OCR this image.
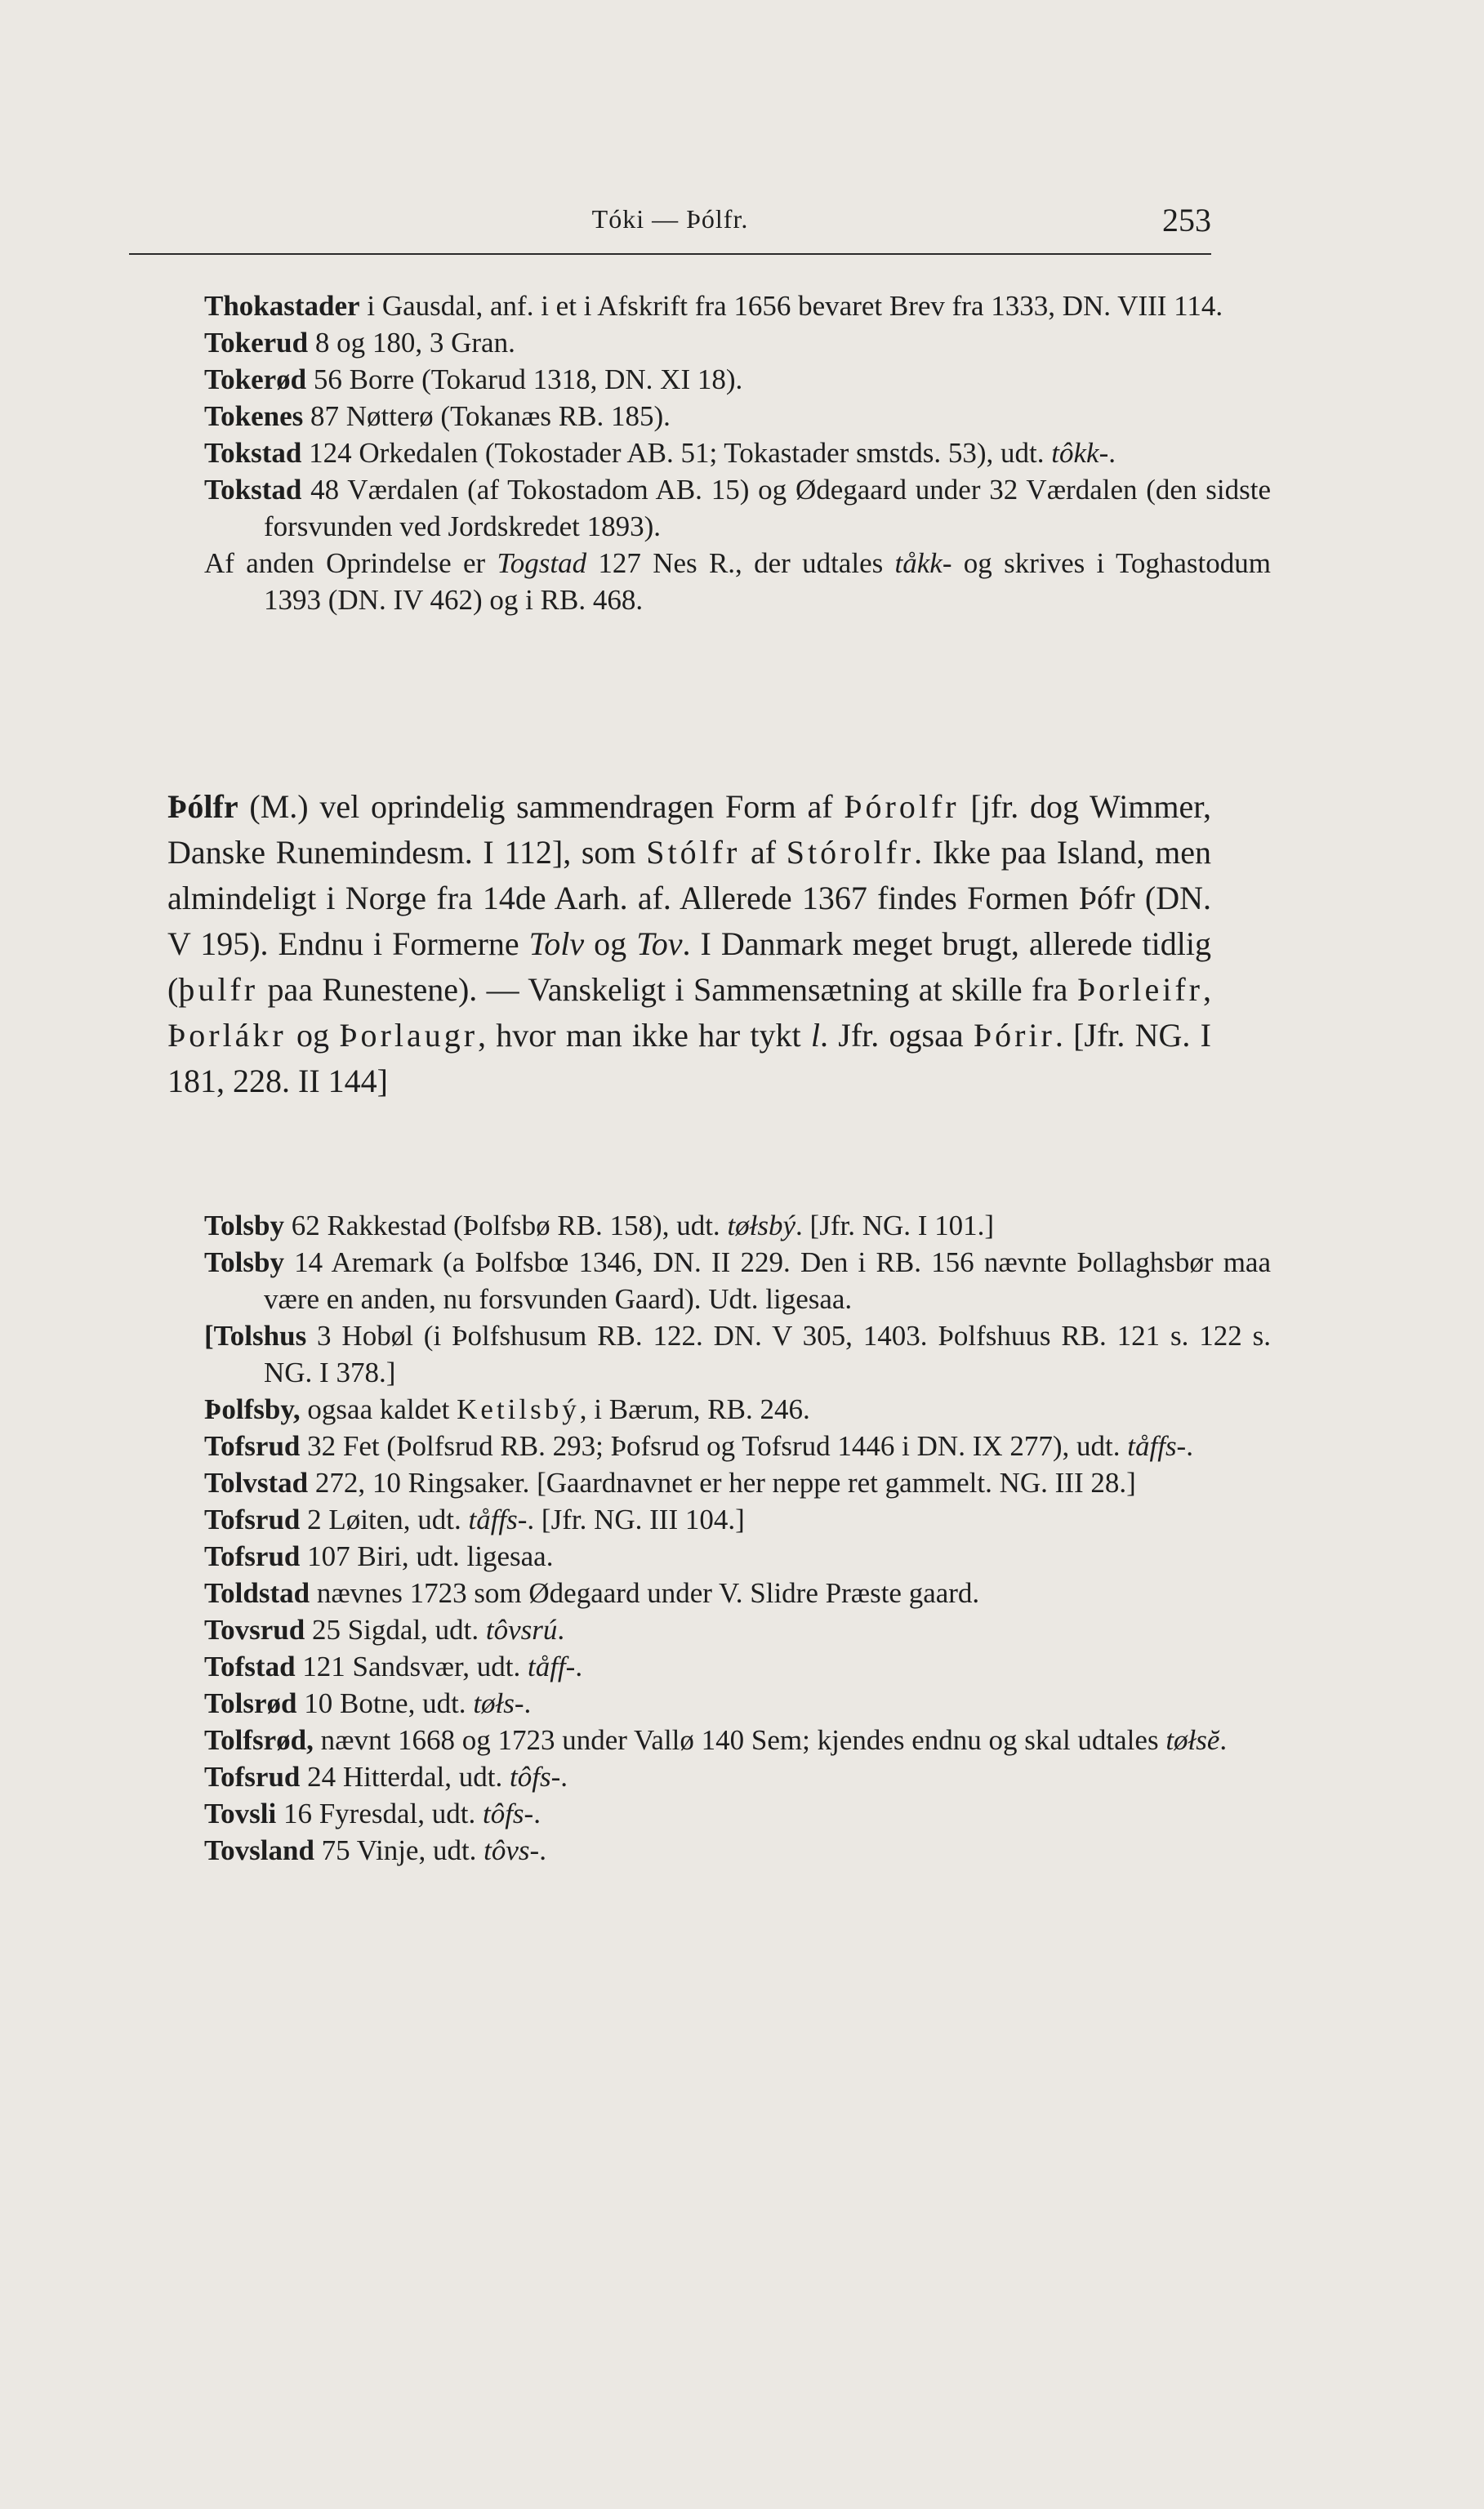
Tóki — Þólfr.	253
Thokastader i Gausdal, anf. i et i Afskrift fra 1656 bevaret Brev fra 1333, DN. VIII 114.
Tokerud 8 og 180, 3 Gran.
Tokerød 56 Borre (Tokarud 1318, DN. XI 18).
Tokenes 87 Nøtterø (Tokanæs RB. 185).
Tokstad 124 Orkedalen (Tokostader AB. 51; Tokastader smstds. 53), udt. tôkk-.
Tokstad 48 Værdalen (af Tokostadom AB. 15) og Ødegaard under 32 Værdalen (den sidste forsvunden ved Jordskredet 1893).
Af anden Oprindelse er Togstad 127 Nes R., der udtales tåkk- og skrives i Toghastodum 1393 (DN. IV 462) og i RB. 468.
Þólfr (M.) vel oprindelig sammendragen Form af Þórolfr [jfr. dog Wimmer, Danske Runemindesm. I 112], som Stólfr af Stórolfr. Ikke paa Island, men almindeligt i Norge fra 14de Aarh. af. Allerede 1367 findes Formen Þófr (DN. V 195). Endnu i Formerne Tolv og Tov. I Danmark meget brugt, allerede tidlig (þulfr paa Runestene). — Vanskeligt i Sammensætning at skille fra Þorleifr, Þorlákr og Þorlaugr, hvor man ikke har tykt l. Jfr. ogsaa Þórir. [Jfr. NG. I 181, 228. II 144]
Tolsby 62 Rakkestad (Þolfsbø RB. 158), udt. tøłsbý. [Jfr. NG. I 101.]
Tolsby 14 Aremark (a Þolfsbœ 1346, DN. II 229. Den i RB. 156 nævnte Þollaghsbør maa være en anden, nu forsvunden Gaard). Udt. ligesaa.
[Tolshus 3 Hobøl (i Þolfshusum RB. 122. DN. V 305, 1403. Þolfshuus RB. 121 s. 122 s. NG. I 378.]
Þolfsby, ogsaa kaldet Ketilsbý, i Bærum, RB. 246.
Tofsrud 32 Fet (Þolfsrud RB. 293; Þofsrud og Tofsrud 1446 i DN. IX 277), udt. tåffs-.
Tolvstad 272, 10 Ringsaker. [Gaardnavnet er her neppe ret gammelt. NG. III 28.]
Tofsrud 2 Løiten, udt. tåffs-. [Jfr. NG. III 104.]
Tofsrud 107 Biri, udt. ligesaa.
Toldstad nævnes 1723 som Ødegaard under V. Slidre Præste gaard.
Tovsrud 25 Sigdal, udt. tôvsrú.
Tofstad 121 Sandsvær, udt. tåff-.
Tolsrød 10 Botne, udt. tøłs-.
Tolfsrød, nævnt 1668 og 1723 under Vallø 140 Sem; kjendes endnu og skal udtales tøłsĕ.
Tofsrud 24 Hitterdal, udt. tôfs-.
Tovsli 16 Fyresdal, udt. tôfs-.
Tovsland 75 Vinje, udt. tôvs-.
